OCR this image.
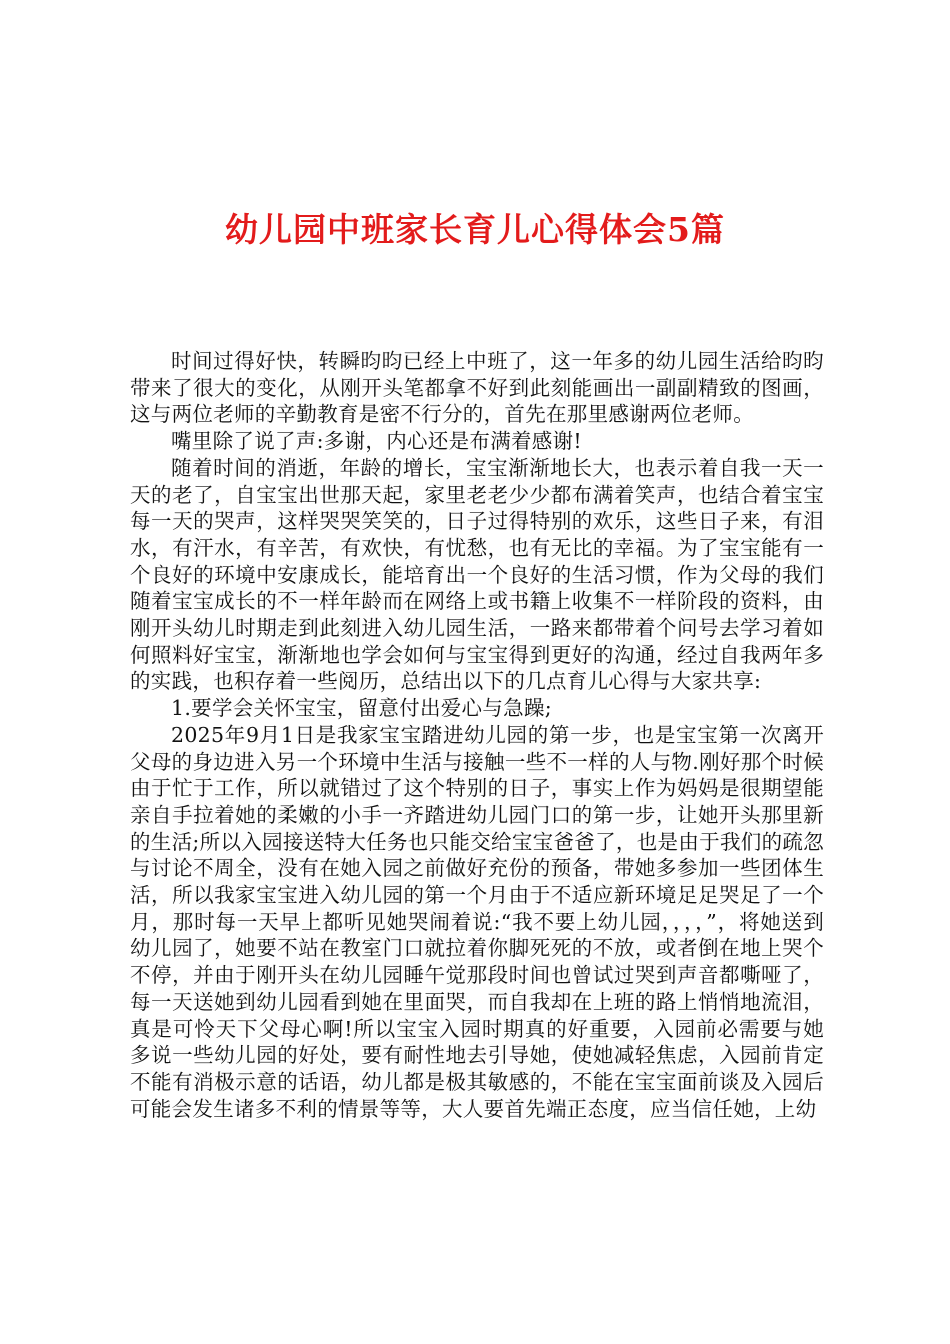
幼儿园中班家长育儿心得体会5篇

时间过得好快，转瞬昀昀已经上中班了，这一年多的幼儿园生活给昀昀带来了很大的变化，从刚开头笔都拿不好到此刻能画出一副副精致的图画，这与两位老师的辛勤教育是密不行分的，首先在那里感谢两位老师。

嘴里除了说了声:多谢，内心还是布满着感谢!

随着时间的消逝，年龄的增长，宝宝渐渐地长大，也表示着自我一天一天的老了，自宝宝出世那天起，家里老老少少都布满着笑声，也结合着宝宝每一天的哭声，这样哭哭笑笑的，日子过得特别的欢乐，这些日子来，有泪水，有汗水，有辛苦，有欢快，有忧愁，也有无比的幸福。为了宝宝能有一个良好的环境中安康成长，能培育出一个良好的生活习惯，作为父母的我们随着宝宝成长的不一样年龄而在网络上或书籍上收集不一样阶段的资料，由刚开头幼儿时期走到此刻进入幼儿园生活，一路来都带着个问号去学习着如何照料好宝宝，渐渐地也学会如何与宝宝得到更好的沟通，经过自我两年多的实践，也积存着一些阅历，总结出以下的几点育儿心得与大家共享:

1.要学会关怀宝宝，留意付出爱心与急躁;

2025年9月1日是我家宝宝踏进幼儿园的第一步，也是宝宝第一次离开父母的身边进入另一个环境中生活与接触一些不一样的人与物.刚好那个时候由于忙于工作，所以就错过了这个特别的日子，事实上作为妈妈是很期望能亲自手拉着她的柔嫩的小手一齐踏进幼儿园门口的第一步，让她开头那里新的生活;所以入园接送特大任务也只能交给宝宝爸爸了，也是由于我们的疏忽与讨论不周全，没有在她入园之前做好充份的预备，带她多参加一些团体生活，所以我家宝宝进入幼儿园的第一个月由于不适应新环境足足哭足了一个月，那时每一天早上都听见她哭闹着说:“我不要上幼儿园，，，，”，将她送到幼儿园了，她要不站在教室门口就拉着你脚死死的不放，或者倒在地上哭个不停，并由于刚开头在幼儿园睡午觉那段时间也曾试过哭到声音都嘶哑了，每一天送她到幼儿园看到她在里面哭，而自我却在上班的路上悄悄地流泪，真是可怜天下父母心啊!所以宝宝入园时期真的好重要，入园前必需要与她多说一些幼儿园的好处，要有耐性地去引导她，使她减轻焦虑，入园前肯定不能有消极示意的话语，幼儿都是极其敏感的，不能在宝宝面前谈及入园后可能会发生诸多不利的情景等等，大人要首先端正态度，应当信任她，上幼
